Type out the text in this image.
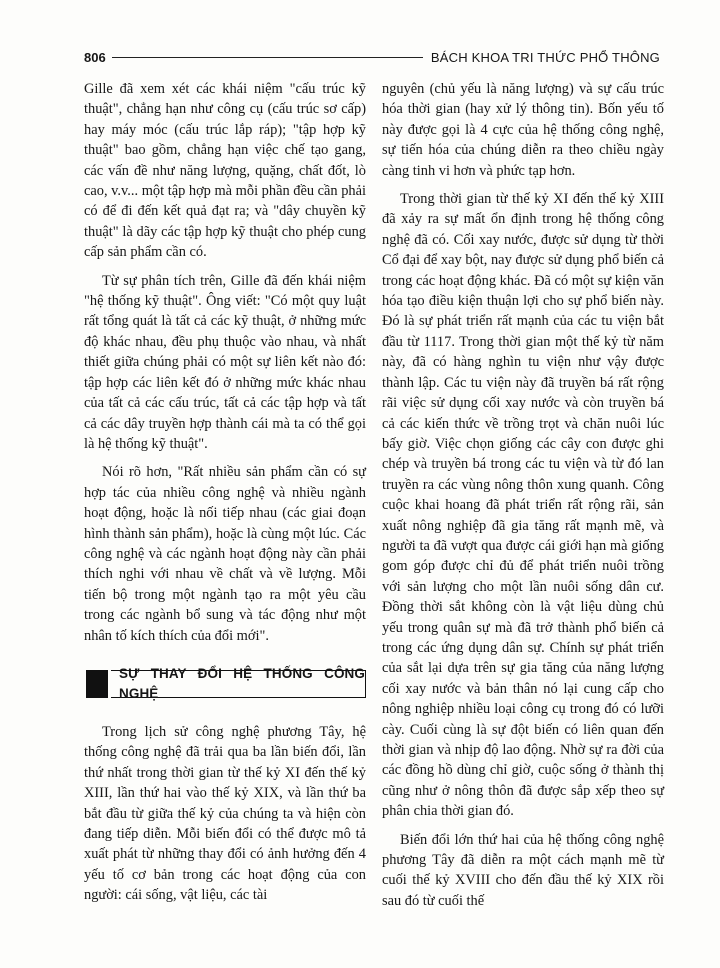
806	BÁCH KHOA TRI THỨC PHỔ THÔNG

Gille đã xem xét các khái niệm "cấu trúc kỹ thuật", chẳng hạn như công cụ (cấu trúc sơ cấp) hay máy móc (cấu trúc lắp ráp); "tập hợp kỹ thuật" bao gồm, chẳng hạn việc chế tạo gang, các vấn đề như năng lượng, quặng, chất đốt, lò cao, v.v... một tập hợp mà mỗi phần đều cần phải có để đi đến kết quả đạt ra; và "dây chuyền kỹ thuật" là dãy các tập hợp kỹ thuật cho phép cung cấp sản phẩm cần có.

Từ sự phân tích trên, Gille đã đến khái niệm "hệ thống kỹ thuật". Ông viết: "Có một quy luật rất tổng quát là tất cả các kỹ thuật, ở những mức độ khác nhau, đều phụ thuộc vào nhau, và nhất thiết giữa chúng phải có một sự liên kết nào đó: tập hợp các liên kết đó ở những mức khác nhau của tất cả các cấu trúc, tất cả các tập hợp và tất cả các dây truyền hợp thành cái mà ta có thể gọi là hệ thống kỹ thuật".

Nói rõ hơn, "Rất nhiều sản phẩm cần có sự hợp tác của nhiều công nghệ và nhiều ngành hoạt động, hoặc là nối tiếp nhau (các giai đoạn hình thành sản phẩm), hoặc là cùng một lúc. Các công nghệ và các ngành hoạt động này cần phải thích nghi với nhau về chất và về lượng. Mỗi tiến bộ trong một ngành tạo ra một yêu cầu trong các ngành bổ sung và tác động như một nhân tố kích thích của đổi mới".

SỰ THAY ĐỔI HỆ THỐNG CÔNG NGHỆ

Trong lịch sử công nghệ phương Tây, hệ thống công nghệ đã trải qua ba lần biến đổi, lần thứ nhất trong thời gian từ thế kỷ XI đến thế kỷ XIII, lần thứ hai vào thế kỷ XIX, và lần thứ ba bắt đầu từ giữa thế kỷ của chúng ta và hiện còn đang tiếp diễn. Mỗi biến đổi có thể được mô tả xuất phát từ những thay đổi có ảnh hưởng đến 4 yếu tố cơ bản trong các hoạt động của con người: cái sống, vật liệu, các tài

nguyên (chủ yếu là năng lượng) và sự cấu trúc hóa thời gian (hay xử lý thông tin). Bốn yếu tố này được gọi là 4 cực của hệ thống công nghệ, sự tiến hóa của chúng diễn ra theo chiều ngày càng tinh vi hơn và phức tạp hơn.

Trong thời gian từ thế kỷ XI đến thế kỷ XIII đã xảy ra sự mất ổn định trong hệ thống công nghệ đã có. Cối xay nước, được sử dụng từ thời Cổ đại để xay bột, nay được sử dụng phổ biến cả trong các hoạt động khác. Đã có một sự kiện văn hóa tạo điều kiện thuận lợi cho sự phổ biến này. Đó là sự phát triển rất mạnh của các tu viện bắt đầu từ 1117. Trong thời gian một thế kỷ từ năm này, đã có hàng nghìn tu viện như vậy được thành lập. Các tu viện này đã truyền bá rất rộng rãi việc sử dụng cối xay nước và còn truyền bá cả các kiến thức về trồng trọt và chăn nuôi lúc bấy giờ. Việc chọn giống các cây con được ghi chép và truyền bá trong các tu viện và từ đó lan truyền ra các vùng nông thôn xung quanh. Công cuộc khai hoang đã phát triển rất rộng rãi, sản xuất nông nghiệp đã gia tăng rất mạnh mẽ, và người ta đã vượt qua được cái giới hạn mà giống gom góp được chỉ đủ để phát triển nuôi trồng với sản lượng cho một lần nuôi sống dân cư. Đồng thời sắt không còn là vật liệu dùng chủ yếu trong quân sự mà đã trở thành phổ biến cả trong các ứng dụng dân sự. Chính sự phát triển của sắt lại dựa trên sự gia tăng của năng lượng cối xay nước và bản thân nó lại cung cấp cho nông nghiệp nhiều loại công cụ trong đó có lưỡi cày. Cuối cùng là sự đột biến có liên quan đến thời gian và nhịp độ lao động. Nhờ sự ra đời của các đồng hồ dùng chỉ giờ, cuộc sống ở thành thị cũng như ở nông thôn đã được sắp xếp theo sự phân chia thời gian đó.

Biến đổi lớn thứ hai của hệ thống công nghệ phương Tây đã diễn ra một cách mạnh mẽ từ cuối thế kỷ XVIII cho đến đầu thế kỷ XIX rồi sau đó từ cuối thế
